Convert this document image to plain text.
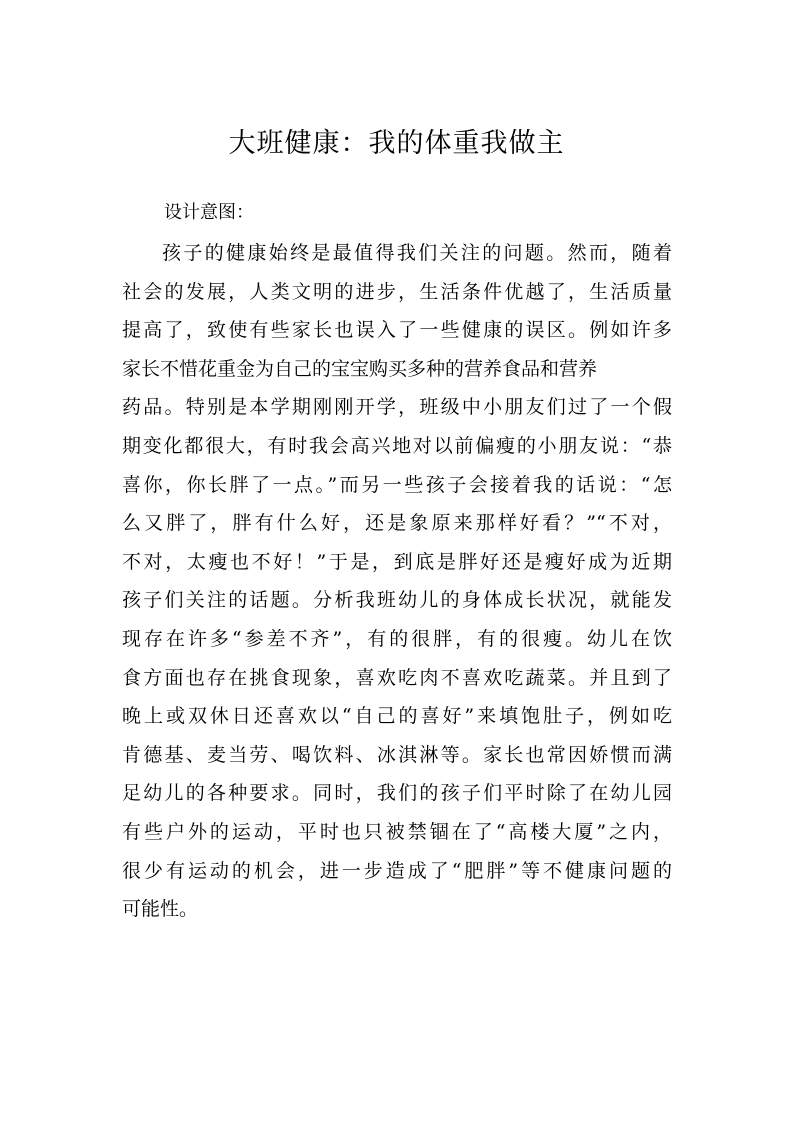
大班健康：我的体重我做主

设计意图：

孩子的健康始终是最值得我们关注的问题。然而，随着
社会的发展，人类文明的进步，生活条件优越了，生活质量
提高了，致使有些家长也误入了一些健康的误区。例如许多
家长不惜花重金为自己的宝宝购买多种的营养食品和营养
药品。特别是本学期刚刚开学，班级中小朋友们过了一个假
期变化都很大，有时我会高兴地对以前偏瘦的小朋友说：“恭
喜你，你长胖了一点。”而另一些孩子会接着我的话说：“怎
么又胖了，胖有什么好，还是象原来那样好看？”“不对，
不对，太瘦也不好！”于是，到底是胖好还是瘦好成为近期
孩子们关注的话题。分析我班幼儿的身体成长状况，就能发
现存在许多“参差不齐”，有的很胖，有的很瘦。幼儿在饮
食方面也存在挑食现象，喜欢吃肉不喜欢吃蔬菜。并且到了
晚上或双休日还喜欢以“自己的喜好”来填饱肚子，例如吃
肯德基、麦当劳、喝饮料、冰淇淋等。家长也常因娇惯而满
足幼儿的各种要求。同时，我们的孩子们平时除了在幼儿园
有些户外的运动，平时也只被禁锢在了“高楼大厦”之内，
很少有运动的机会，进一步造成了“肥胖”等不健康问题的
可能性。
